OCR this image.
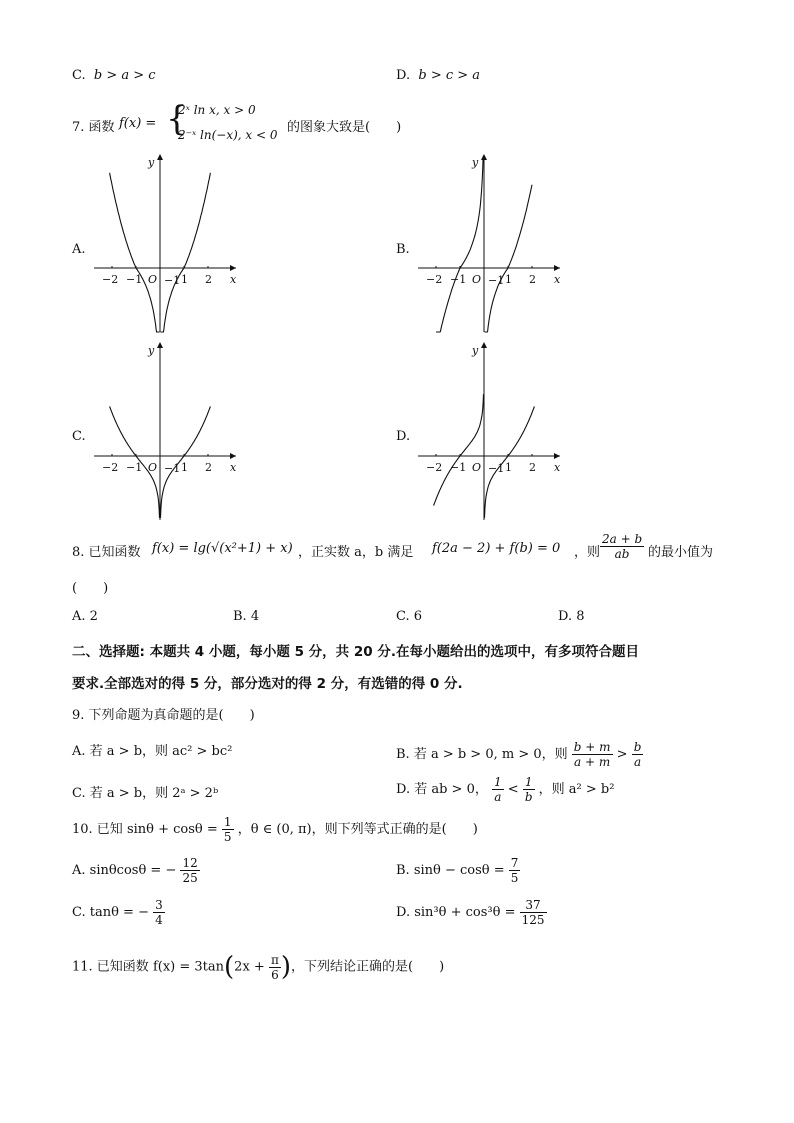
C. b > a > c	D. b > c > a
7. 函数 f(x) = {
2ˣ ln x, x > 0
2⁻ˣ ln(−x), x < 0 的图象大致是(　　)
A.	B.
C.	D.
y
x
O
−2 −1	1 2
−1
y
x
O
−2 −1	1 2
−1
y
x
O
−2 −1	1 2
−1
y
x
O
−2 −1	1 2
−1
8. 已知函数 f(x) = lg(√(x²+1) + x) ，正实数 a，b 满足 f(2a − 2) + f(b) = 0 ，则 $\frac{2a + b}{ab}$ 的最小值为
(　　)
A. 2	B. 4	C. 6	D. 8
二、选择题: 本题共 4 小题，每小题 5 分，共 20 分.在每小题给出的选项中，有多项符合题目
要求.全部选对的得 5 分，部分选对的得 2 分，有选错的得 0 分.
9. 下列命题为真命题的是(　　)
A. 若 a > b，则 ac² > bc²	B. 若 a > b > 0, m > 0，则 $\frac{b + m}{a + m} > \frac{b}{a}$
C. 若 a > b，则 2ᵃ > 2ᵇ	D. 若 ab > 0， $\frac{1}{a} < \frac{1}{b}$ ，则 a² > b²
10. 已知 $\sin\theta + \cos\theta = \frac{1}{5}$ ，θ ∈ (0, π)，则下列等式正确的是(　　)
A. sinθcosθ = − $\frac{12}{25}$	B. $\sin\theta - \cos\theta = \frac{7}{5}$
C. tanθ = − $\frac{3}{4}$	D. $\sin^3\theta + \cos^3\theta = \frac{37}{125}$
11. 已知函数 $f(x) = 3\tan(2x + \frac{\pi}{6}$ )，下列结论正确的是(　　)
